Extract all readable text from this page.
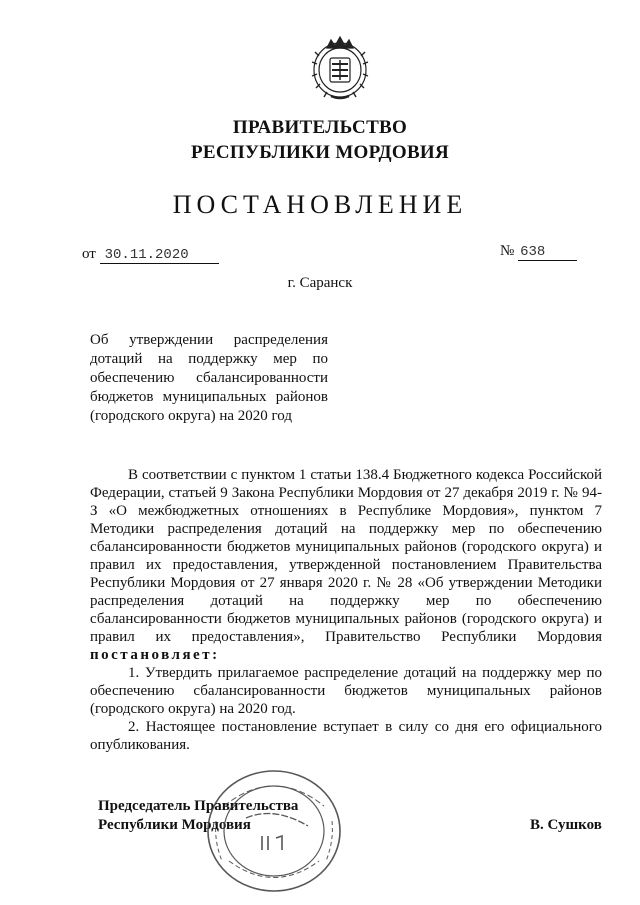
ПРАВИТЕЛЬСТВО
РЕСПУБЛИКИ МОРДОВИЯ
ПОСТАНОВЛЕНИЕ
от 30.11.2020	№ 638
г. Саранск
Об утверждении распределения дотаций на поддержку мер по обеспечению сбалансированности бюджетов муниципальных районов (городского округа) на 2020 год

В соответствии с пунктом 1 статьи 138.4 Бюджетного кодекса Российской Федерации, статьей 9 Закона Республики Мордовия от 27 декабря 2019 г. № 94-З «О межбюджетных отношениях в Республике Мордовия», пунктом 7 Методики распределения дотаций на поддержку мер по обеспечению сбалансированности бюджетов муниципальных районов (городского округа) и правил их предоставления, утвержденной постановлением Правительства Республики Мордовия от 27 января 2020 г. № 28 «Об утверждении Методики распределения дотаций на поддержку мер по обеспечению сбалансированности бюджетов муниципальных районов (городского округа) и правил их предоставления», Правительство Республики Мордовия постановляет:

1. Утвердить прилагаемое распределение дотаций на поддержку мер по обеспечению сбалансированности бюджетов муниципальных районов (городского округа) на 2020 год.

2. Настоящее постановление вступает в силу со дня его официального опубликования.

Председатель Правительства
Республики Мордовия	В. Сушков
